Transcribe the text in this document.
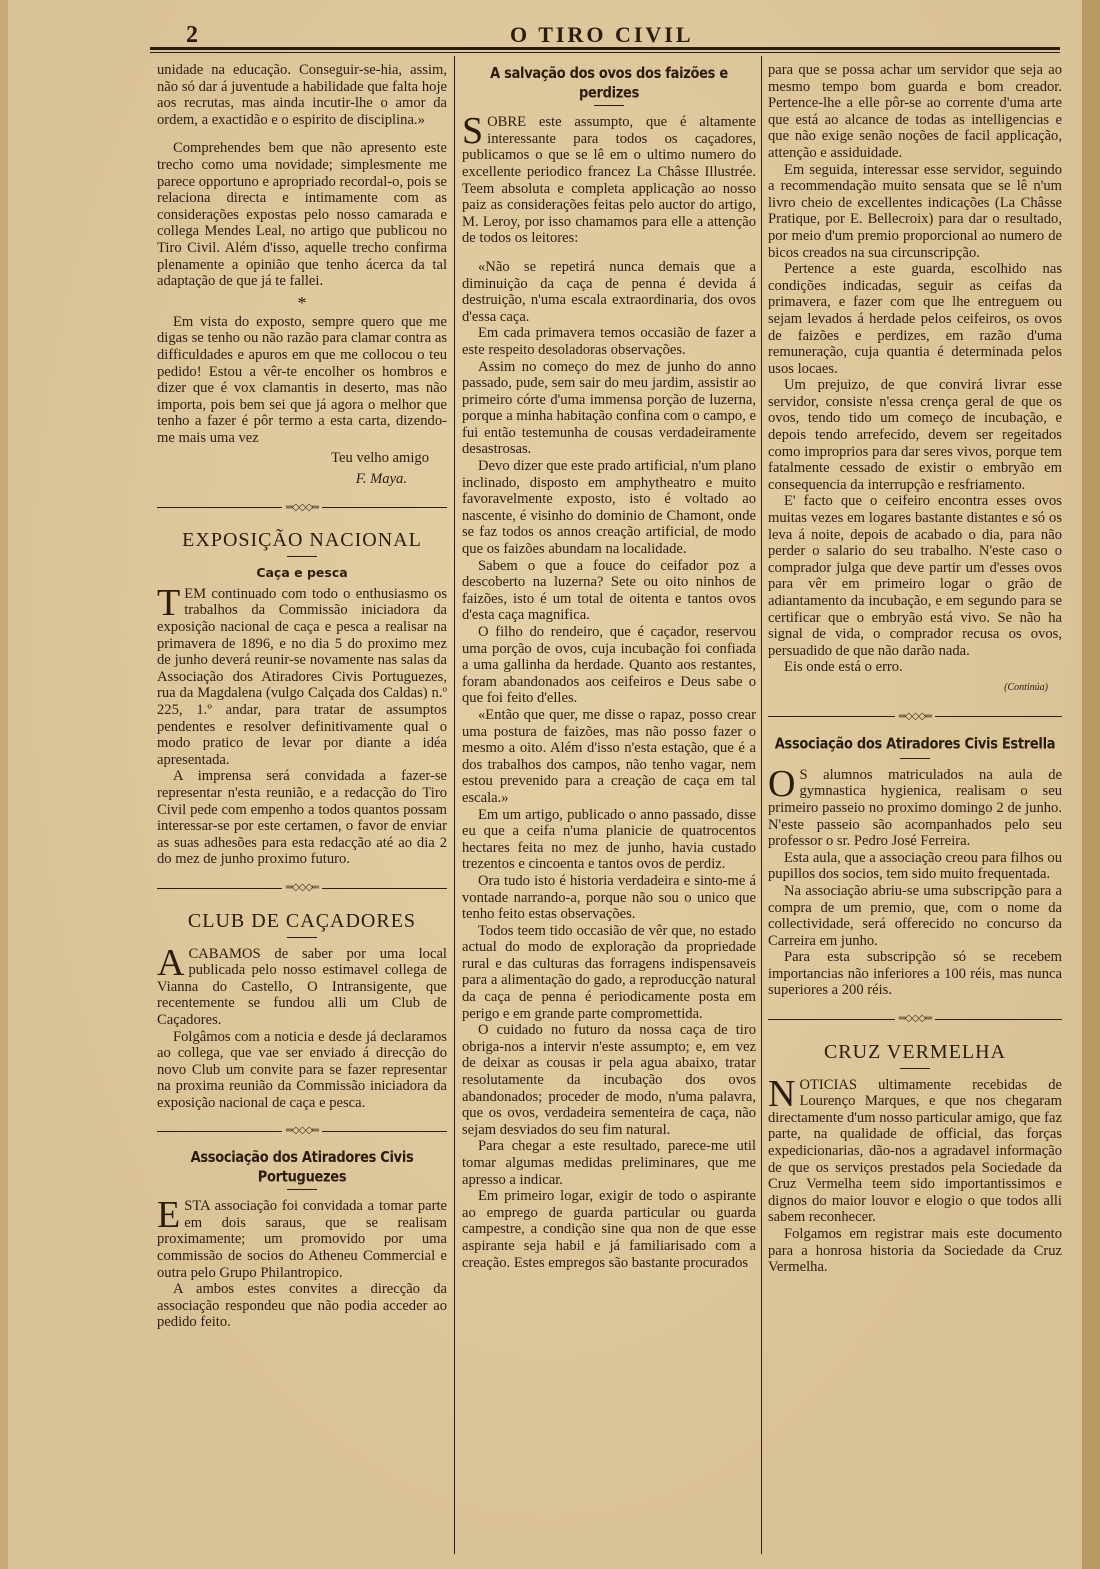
2	O TIRO CIVIL

unidade na educação. Conseguir-se-hia, assim, não só dar á juventude a habilidade que falta hoje aos recrutas, mas ainda incutir-lhe o amor da ordem, a exactidão e o espirito de disciplina.»

Comprehendes bem que não apresento este trecho como uma novidade; simplesmente me parece opportuno e apropriado recordal-o, pois se relaciona directa e intimamente com as considerações expostas pelo nosso camarada e collega Mendes Leal, no artigo que publicou no Tiro Civil. Além d'isso, aquelle trecho confirma plenamente a opinião que tenho ácerca da tal adaptação de que já te fallei.

*

Em vista do exposto, sempre quero que me digas se tenho ou não razão para clamar contra as difficuldades e apuros em que me collocou o teu pedido! Estou a vêr-te encolher os hombros e dizer que é vox clamantis in deserto, mas não importa, pois bem sei que já agora o melhor que tenho a fazer é pôr termo a esta carta, dizendo-me mais uma vez

Teu velho amigo
F. Maya.
═◇◇◇═
EXPOSIÇÃO NACIONAL
Caça e pesca

TEM continuado com todo o enthusiasmo os trabalhos da Commissão iniciadora da exposição nacional de caça e pesca a realisar na primavera de 1896, e no dia 5 do proximo mez de junho deverá reunir-se novamente nas salas da Associação dos Atiradores Civis Portuguezes, rua da Magdalena (vulgo Calçada dos Caldas) n.º 225, 1.º andar, para tratar de assumptos pendentes e resolver definitivamente qual o modo pratico de levar por diante a idéa apresentada.

A imprensa será convidada a fazer-se representar n'esta reunião, e a redacção do Tiro Civil pede com empenho a todos quantos possam interessar-se por este certamen, o favor de enviar as suas adhesões para esta redacção até ao dia 2 do mez de junho proximo futuro.

═◇◇◇═
CLUB DE CAÇADORES

ACABAMOS de saber por uma local publicada pelo nosso estimavel collega de Vianna do Castello, O Intransigente, que recentemente se fundou alli um Club de Caçadores.

Folgâmos com a noticia e desde já declaramos ao collega, que vae ser enviado á direcção do novo Club um convite para se fazer representar na proxima reunião da Commissão iniciadora da exposição nacional de caça e pesca.

═◇◇◇═
Associação dos Atiradores Civis Portuguezes

ESTA associação foi convidada a tomar parte em dois saraus, que se realisam proximamente; um promovido por uma commissão de socios do Atheneu Commercial e outra pelo Grupo Philantropico.

A ambos estes convites a direcção da associação respondeu que não podia acceder ao pedido feito.

A salvação dos ovos dos faizões e perdizes

SOBRE este assumpto, que é altamente interessante para todos os caçadores, publicamos o que se lê em o ultimo numero do excellente periodico francez La Châsse Illustrée. Teem absoluta e completa applicação ao nosso paiz as considerações feitas pelo auctor do artigo, M. Leroy, por isso chamamos para elle a attenção de todos os leitores:

«Não se repetirá nunca demais que a diminuição da caça de penna é devida á destruição, n'uma escala extraordinaria, dos ovos d'essa caça.

Em cada primavera temos occasião de fazer a este respeito desoladoras observações.

Assim no começo do mez de junho do anno passado, pude, sem sair do meu jardim, assistir ao primeiro córte d'uma immensa porção de luzerna, porque a minha habitação confina com o campo, e fui então testemunha de cousas verdadeiramente desastrosas.

Devo dizer que este prado artificial, n'um plano inclinado, disposto em amphytheatro e muito favoravelmente exposto, isto é voltado ao nascente, é visinho do dominio de Chamont, onde se faz todos os annos creação artificial, de modo que os faizões abundam na localidade.

Sabem o que a fouce do ceifador poz a descoberto na luzerna? Sete ou oito ninhos de faizões, isto é um total de oitenta e tantos ovos d'esta caça magnifica.

O filho do rendeiro, que é caçador, reservou uma porção de ovos, cuja incubação foi confiada a uma gallinha da herdade. Quanto aos restantes, foram abandonados aos ceifeiros e Deus sabe o que foi feito d'elles.

«Então que quer, me disse o rapaz, posso crear uma postura de faizões, mas não posso fazer o mesmo a oito. Além d'isso n'esta estação, que é a dos trabalhos dos campos, não tenho vagar, nem estou prevenido para a creação de caça em tal escala.»

Em um artigo, publicado o anno passado, disse eu que a ceifa n'uma planicie de quatrocentos hectares feita no mez de junho, havia custado trezentos e cincoenta e tantos ovos de perdiz.

Ora tudo isto é historia verdadeira e sinto-me á vontade narrando-a, porque não sou o unico que tenho feito estas observações.

Todos teem tido occasião de vêr que, no estado actual do modo de exploração da propriedade rural e das culturas das forragens indispensaveis para a alimentação do gado, a reproducção natural da caça de penna é periodicamente posta em perigo e em grande parte compromettida.

O cuidado no futuro da nossa caça de tiro obriga-nos a intervir n'este assumpto; e, em vez de deixar as cousas ir pela agua abaixo, tratar resolutamente da incubação dos ovos abandonados; proceder de modo, n'uma palavra, que os ovos, verdadeira sementeira de caça, não sejam desviados do seu fim natural.

Para chegar a este resultado, parece-me util tomar algumas medidas preliminares, que me apresso a indicar.

Em primeiro logar, exigir de todo o aspirante ao emprego de guarda particular ou guarda campestre, a condição sine qua non de que esse aspirante seja habil e já familiarisado com a creação. Estes empregos são bastante procurados

para que se possa achar um servidor que seja ao mesmo tempo bom guarda e bom creador. Pertence-lhe a elle pôr-se ao corrente d'uma arte que está ao alcance de todas as intelligencias e que não exige senão noções de facil applicação, attenção e assiduidade.

Em seguida, interessar esse servidor, seguindo a recommendação muito sensata que se lê n'um livro cheio de excellentes indicações (La Châsse Pratique, por E. Bellecroix) para dar o resultado, por meio d'um premio proporcional ao numero de bicos creados na sua circunscripção.

Pertence a este guarda, escolhido nas condições indicadas, seguir as ceifas da primavera, e fazer com que lhe entreguem ou sejam levados á herdade pelos ceifeiros, os ovos de faizões e perdizes, em razão d'uma remuneração, cuja quantia é determinada pelos usos locaes.

Um prejuizo, de que convirá livrar esse servidor, consiste n'essa crença geral de que os ovos, tendo tido um começo de incubação, e depois tendo arrefecido, devem ser regeitados como improprios para dar seres vivos, porque tem fatalmente cessado de existir o embryão em consequencia da interrupção e resfriamento.

E' facto que o ceifeiro encontra esses ovos muitas vezes em logares bastante distantes e só os leva á noite, depois de acabado o dia, para não perder o salario do seu trabalho. N'este caso o comprador julga que deve partir um d'esses ovos para vêr em primeiro logar o grão de adiantamento da incubação, e em segundo para se certificar que o embryão está vivo. Se não ha signal de vida, o comprador recusa os ovos, persuadido de que não darão nada.

Eis onde está o erro.

(Continúa)
═◇◇◇═
Associação dos Atiradores Civis Estrella

O S alumnos matriculados na aula de gymnastica hygienica, realisam o seu primeiro passeio no proximo domingo 2 de junho. N'este passeio são acompanhados pelo seu professor o sr. Pedro José Ferreira.

Esta aula, que a associação creou para filhos ou pupillos dos socios, tem sido muito frequentada.

Na associação abriu-se uma subscripção para a compra de um premio, que, com o nome da collectividade, será offerecido no concurso da Carreira em junho.

Para esta subscripção só se recebem importancias não inferiores a 100 réis, mas nunca superiores a 200 réis.

═◇◇◇═
CRUZ VERMELHA

NOTICIAS ultimamente recebidas de Lourenço Marques, e que nos chegaram directamente d'um nosso particular amigo, que faz parte, na qualidade de official, das forças expedicionarias, dão-nos a agradavel informação de que os serviços prestados pela Sociedade da Cruz Vermelha teem sido importantissimos e dignos do maior louvor e elogio o que todos alli sabem reconhecer.

Folgamos em registrar mais este documento para a honrosa historia da Sociedade da Cruz Vermelha.
